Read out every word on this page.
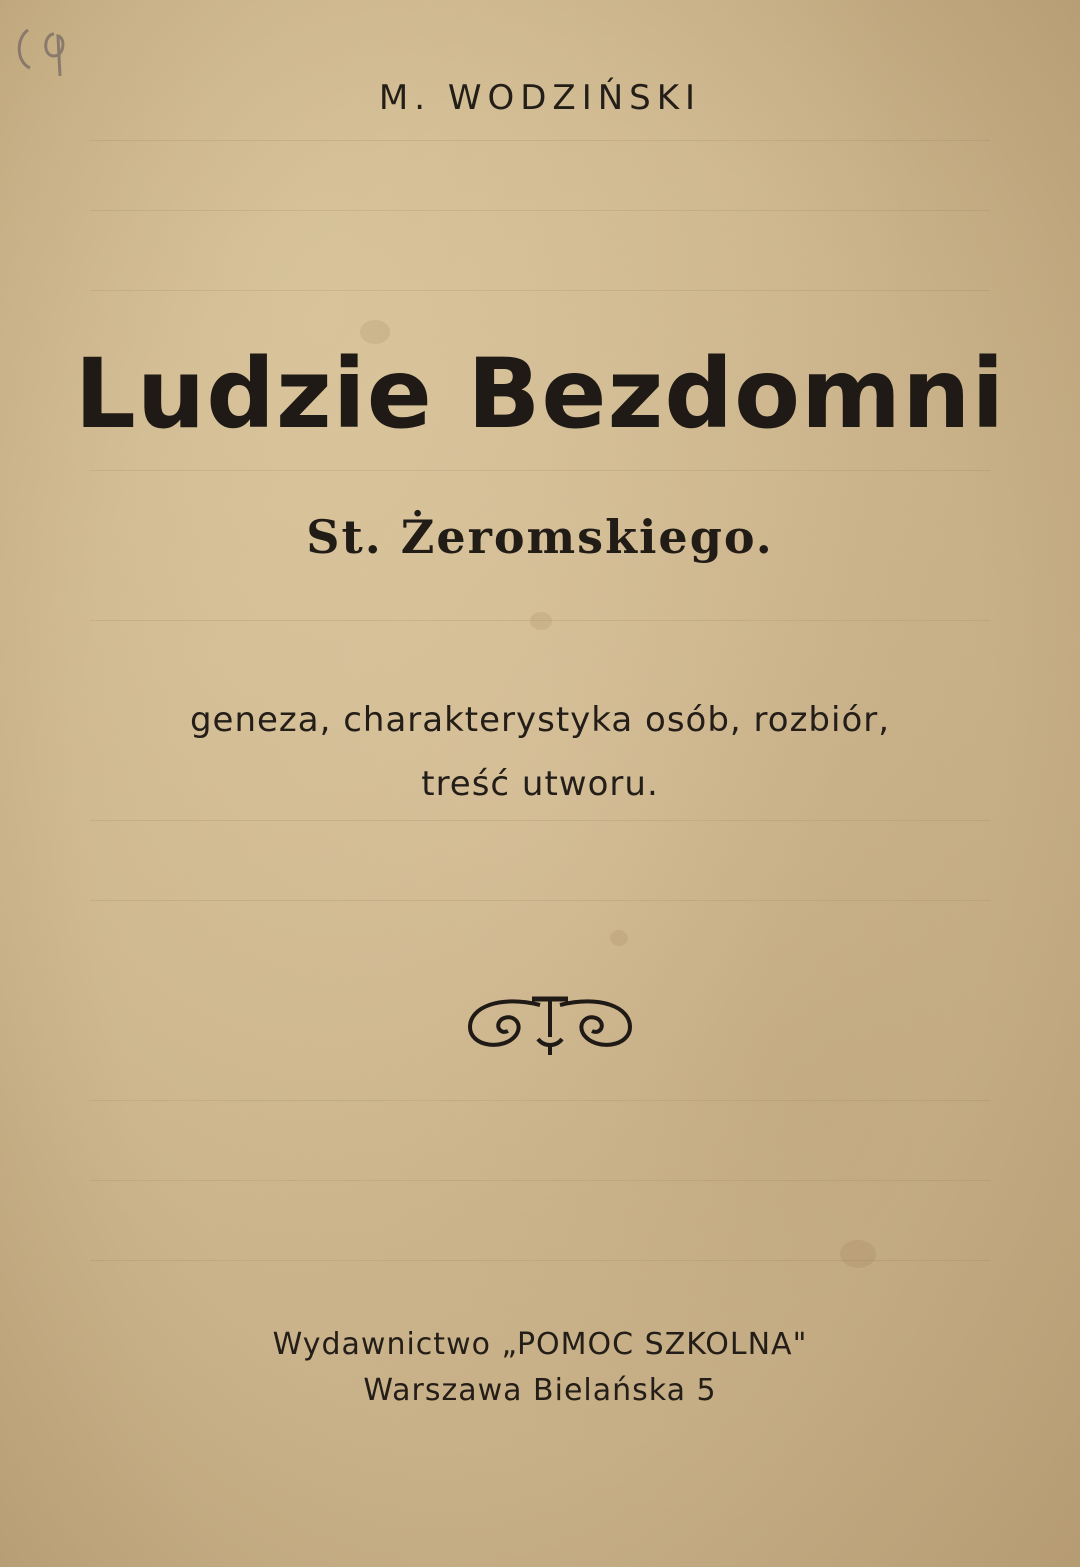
M. WODZIŃSKI
Ludzie Bezdomni
St. Żeromskiego.
geneza, charakterystyka osób, rozbiór,
treść utworu.
Wydawnictwo „POMOC SZKOLNA"
Warszawa Bielańska 5
